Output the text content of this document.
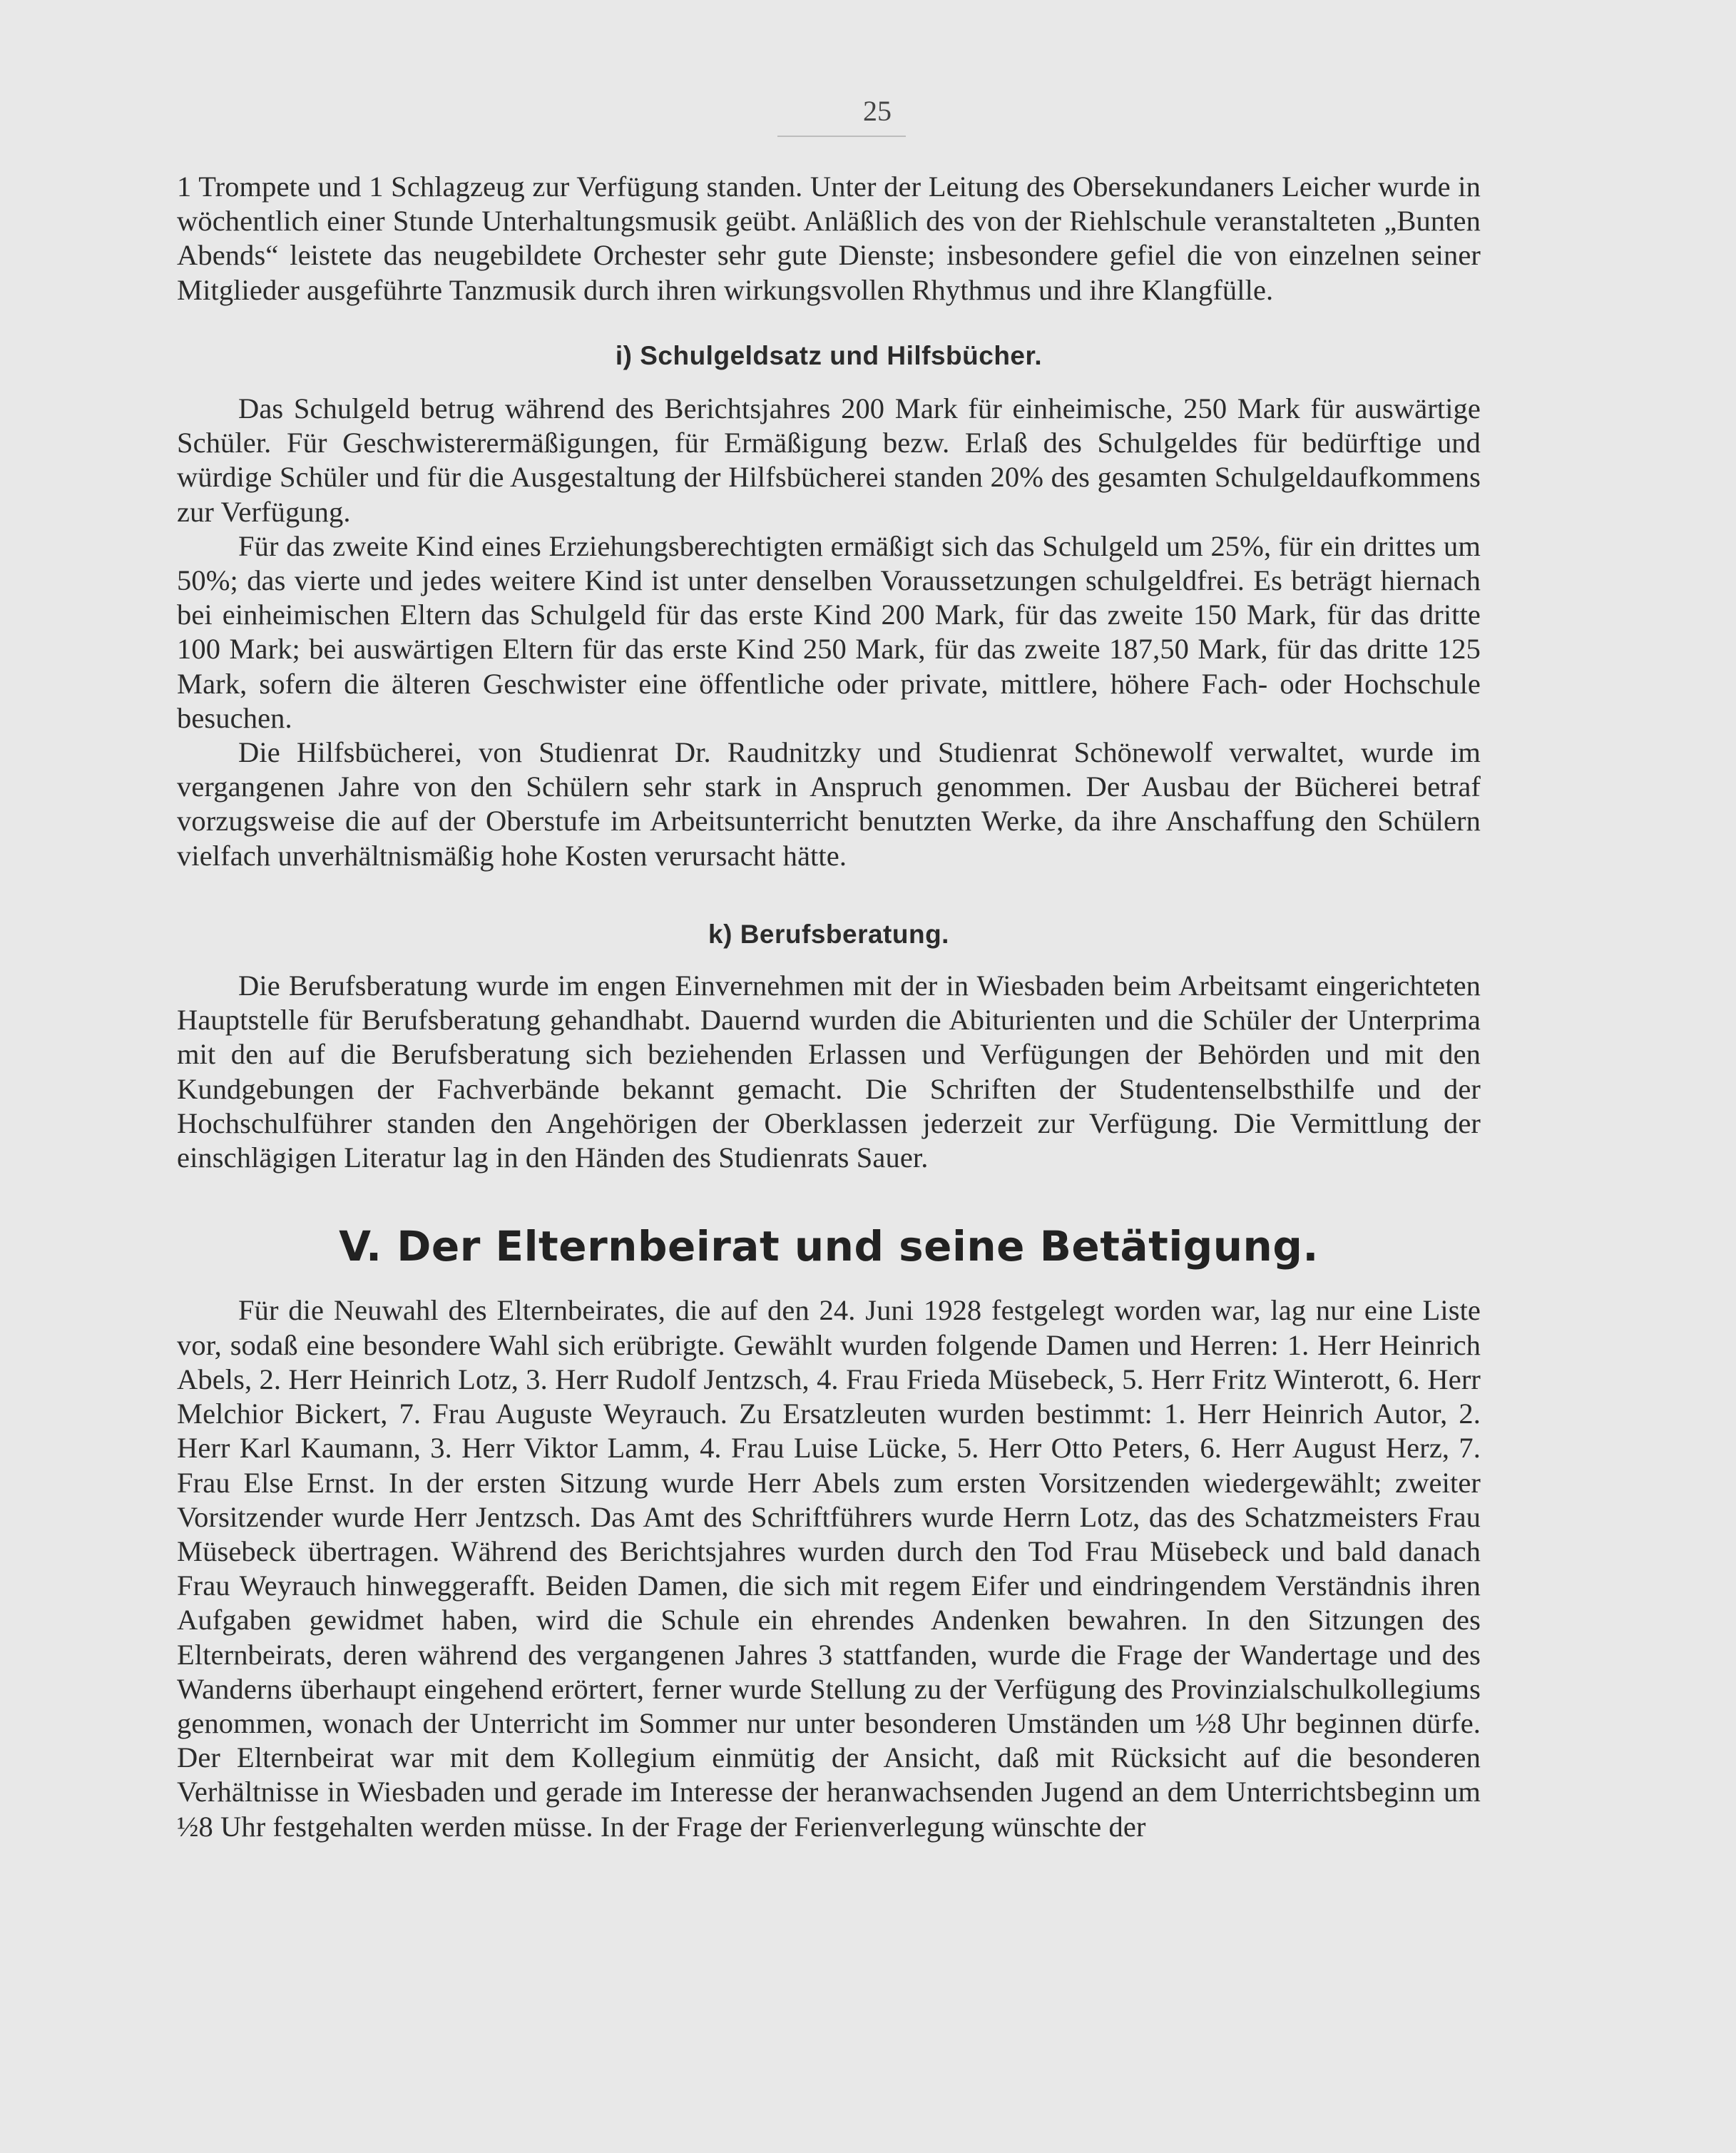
25

1 Trompete und 1 Schlagzeug zur Verfügung standen. Unter der Leitung des Obersekundaners Leicher wurde in wöchentlich einer Stunde Unterhaltungsmusik geübt. Anläßlich des von der Riehlschule veranstalteten „Bunten Abends“ leistete das neugebildete Orchester sehr gute Dienste; insbesondere gefiel die von einzelnen seiner Mitglieder ausgeführte Tanzmusik durch ihren wirkungsvollen Rhythmus und ihre Klangfülle.

i) Schulgeldsatz und Hilfsbücher.

Das Schulgeld betrug während des Berichtsjahres 200 Mark für einheimische, 250 Mark für auswärtige Schüler. Für Geschwisterermäßigungen, für Ermäßigung bezw. Erlaß des Schulgeldes für bedürftige und würdige Schüler und für die Ausgestaltung der Hilfsbücherei standen 20% des gesamten Schulgeldaufkommens zur Verfügung.

Für das zweite Kind eines Erziehungsberechtigten ermäßigt sich das Schulgeld um 25%, für ein drittes um 50%; das vierte und jedes weitere Kind ist unter denselben Voraussetzungen schulgeldfrei. Es beträgt hiernach bei einheimischen Eltern das Schulgeld für das erste Kind 200 Mark, für das zweite 150 Mark, für das dritte 100 Mark; bei auswärtigen Eltern für das erste Kind 250 Mark, für das zweite 187,50 Mark, für das dritte 125 Mark, sofern die älteren Geschwister eine öffentliche oder private, mittlere, höhere Fach- oder Hochschule besuchen.

Die Hilfsbücherei, von Studienrat Dr. Raudnitzky und Studienrat Schönewolf verwaltet, wurde im vergangenen Jahre von den Schülern sehr stark in Anspruch genommen. Der Ausbau der Bücherei betraf vorzugsweise die auf der Oberstufe im Arbeitsunterricht benutzten Werke, da ihre Anschaffung den Schülern vielfach unverhältnismäßig hohe Kosten verursacht hätte.

k) Berufsberatung.

Die Berufsberatung wurde im engen Einvernehmen mit der in Wiesbaden beim Arbeitsamt eingerichteten Hauptstelle für Berufsberatung gehandhabt. Dauernd wurden die Abiturienten und die Schüler der Unterprima mit den auf die Berufsberatung sich beziehenden Erlassen und Verfügungen der Behörden und mit den Kundgebungen der Fachverbände bekannt gemacht. Die Schriften der Studentenselbsthilfe und der Hochschulführer standen den Angehörigen der Oberklassen jederzeit zur Verfügung. Die Vermittlung der einschlägigen Literatur lag in den Händen des Studienrats Sauer.

V. Der Elternbeirat und seine Betätigung.

Für die Neuwahl des Elternbeirates, die auf den 24. Juni 1928 festgelegt worden war, lag nur eine Liste vor, sodaß eine besondere Wahl sich erübrigte. Gewählt wurden folgende Damen und Herren: 1. Herr Heinrich Abels, 2. Herr Heinrich Lotz, 3. Herr Rudolf Jentzsch, 4. Frau Frieda Müsebeck, 5. Herr Fritz Winterott, 6. Herr Melchior Bickert, 7. Frau Auguste Weyrauch. Zu Ersatzleuten wurden bestimmt: 1. Herr Heinrich Autor, 2. Herr Karl Kaumann, 3. Herr Viktor Lamm, 4. Frau Luise Lücke, 5. Herr Otto Peters, 6. Herr August Herz, 7. Frau Else Ernst. In der ersten Sitzung wurde Herr Abels zum ersten Vorsitzenden wiedergewählt; zweiter Vorsitzender wurde Herr Jentzsch. Das Amt des Schriftführers wurde Herrn Lotz, das des Schatzmeisters Frau Müsebeck übertragen. Während des Berichtsjahres wurden durch den Tod Frau Müsebeck und bald danach Frau Weyrauch hinweggerafft. Beiden Damen, die sich mit regem Eifer und eindringendem Verständnis ihren Aufgaben gewidmet haben, wird die Schule ein ehrendes Andenken bewahren. In den Sitzungen des Elternbeirats, deren während des vergangenen Jahres 3 stattfanden, wurde die Frage der Wandertage und des Wanderns überhaupt eingehend erörtert, ferner wurde Stellung zu der Verfügung des Provinzialschulkollegiums genommen, wonach der Unterricht im Sommer nur unter besonderen Umständen um ½8 Uhr beginnen dürfe. Der Elternbeirat war mit dem Kollegium einmütig der Ansicht, daß mit Rücksicht auf die besonderen Verhältnisse in Wiesbaden und gerade im Interesse der heranwachsenden Jugend an dem Unterrichtsbeginn um ½8 Uhr festgehalten werden müsse. In der Frage der Ferienverlegung wünschte der
